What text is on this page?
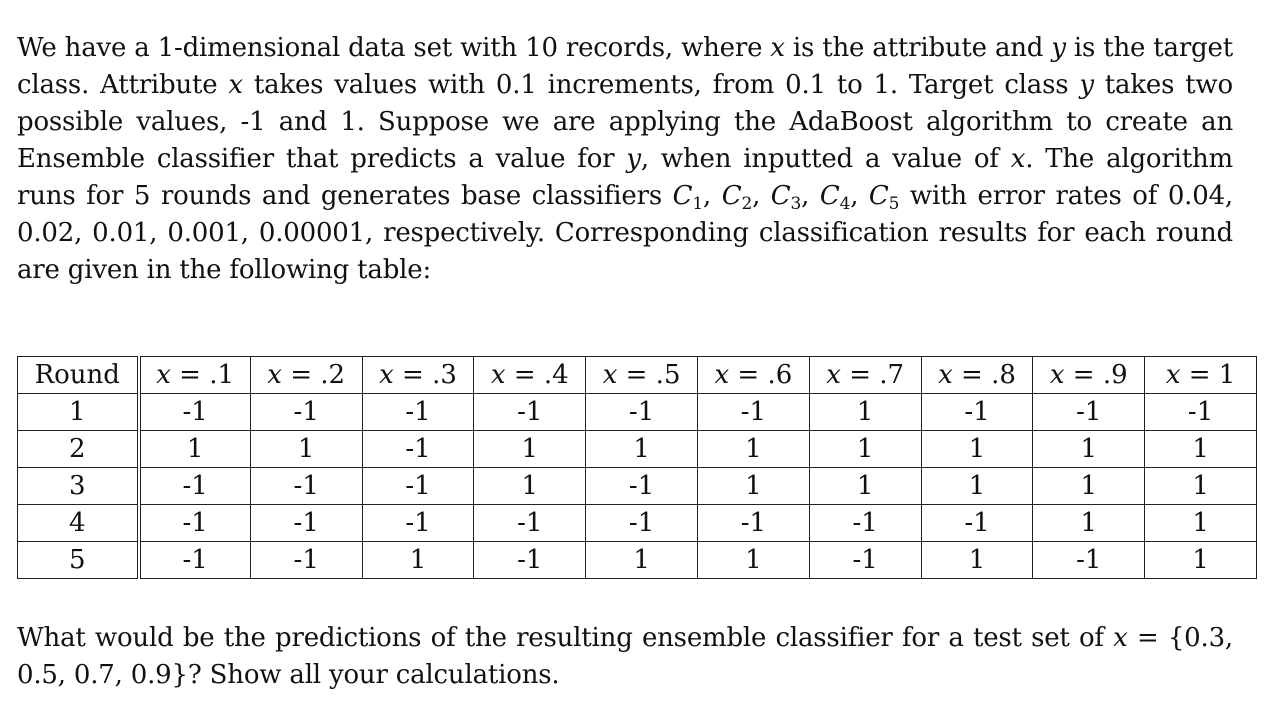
We have a 1-dimensional data set with 10 records, where x is the attribute and y is the target class. Attribute x takes values with 0.1 increments, from 0.1 to 1. Target class y takes two possible values, -1 and 1. Suppose we are applying the AdaBoost algorithm to create an Ensemble classifier that predicts a value for y, when inputted a value of x. The algorithm runs for 5 rounds and generates base classifiers $C_1$, $C_2$, $C_3$, $C_4$, $C_5$ with error rates of 0.04, 0.02, 0.01, 0.001, 0.00001, respectively. Corresponding classification results for each round are given in the following table:

Round	x = .1	x = .2	x = .3	x = .4	x = .5	x = .6	x = .7	x = .8	x = .9	x = 1
1	-1	-1	-1	-1	-1	-1	1	-1	-1	-1
2	1	1	-1	1	1	1	1	1	1	1
3	-1	-1	-1	1	-1	1	1	1	1	1
4	-1	-1	-1	-1	-1	-1	-1	-1	1	1
5	-1	-1	1	-1	1	1	-1	1	-1	1

What would be the predictions of the resulting ensemble classifier for a test set of x = {0.3, 0.5, 0.7, 0.9}? Show all your calculations.
